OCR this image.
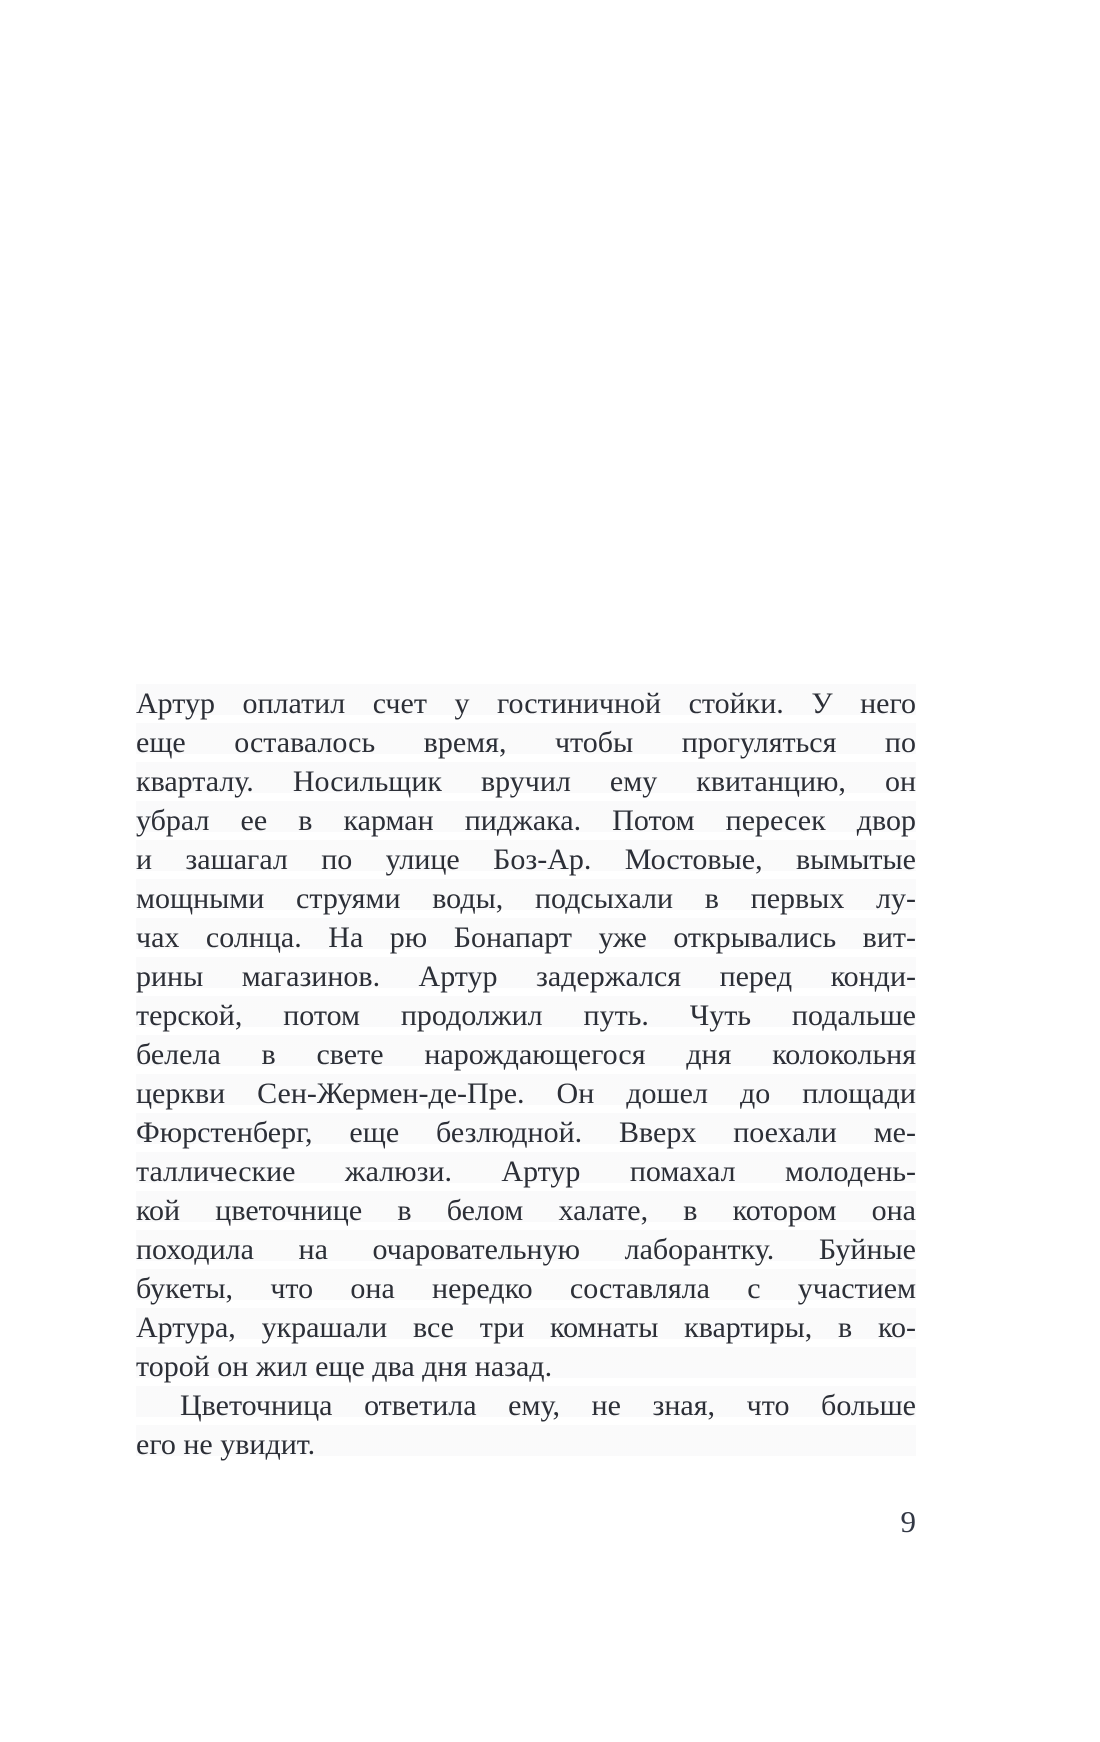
Артур оплатил счет у гостиничной стойки. У него
еще оставалось время, чтобы прогуляться по
кварталу. Носильщик вручил ему квитанцию, он
убрал ее в карман пиджака. Потом пересек двор
и зашагал по улице Боз-Ар. Мостовые, вымытые
мощными струями воды, подсыхали в первых лу-
чах солнца. На рю Бонапарт уже открывались вит-
рины магазинов. Артур задержался перед конди-
терской, потом продолжил путь. Чуть подальше
белела в свете нарождающегося дня колокольня
церкви Сен-Жермен-де-Пре. Он дошел до площади
Фюрстенберг, еще безлюдной. Вверх поехали ме-
таллические жалюзи. Артур помахал молодень-
кой цветочнице в белом халате, в котором она
походила на очаровательную лаборантку. Буйные
букеты, что она нередко составляла с участием
Артура, украшали все три комнаты квартиры, в ко-
торой он жил еще два дня назад.
Цветочница ответила ему, не зная, что больше
его не увидит.
9
